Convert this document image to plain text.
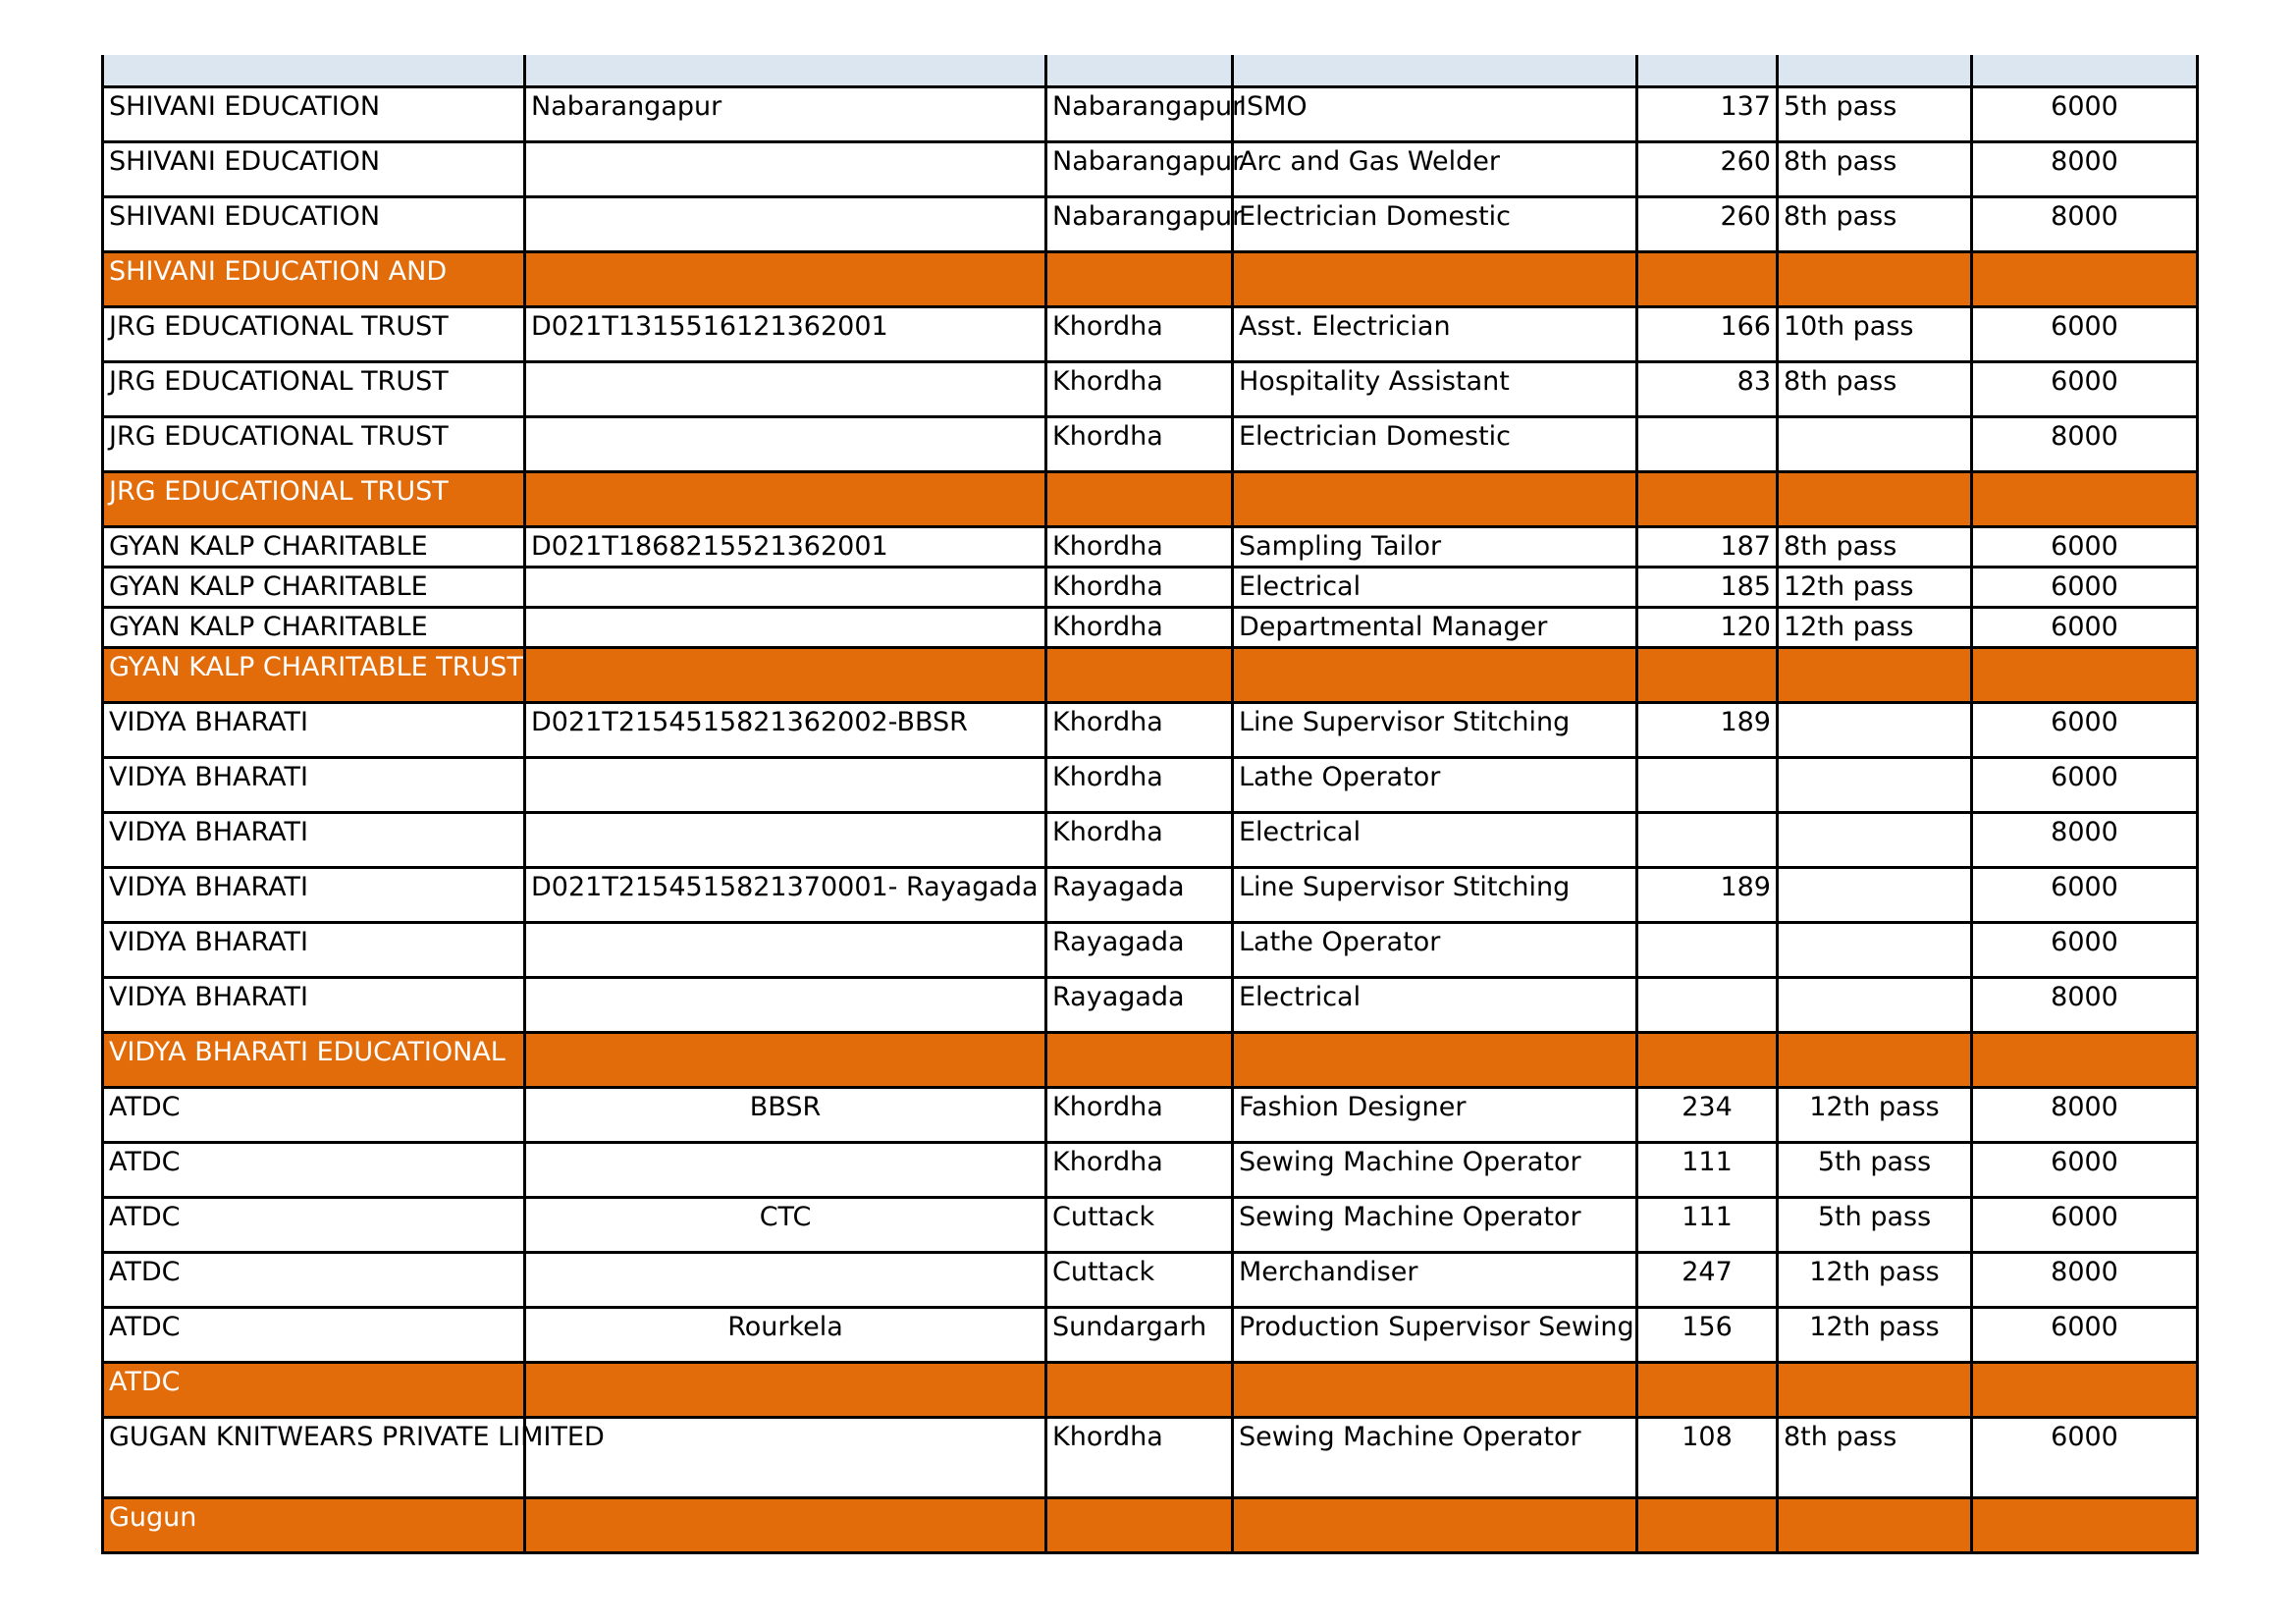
SHIVANI EDUCATION	Nabarangapur	Nabarangapur	ISMO	137	5th pass	6000
SHIVANI EDUCATION		Nabarangapur	Arc and Gas Welder	260	8th pass	8000
SHIVANI EDUCATION		Nabarangapur	Electrician Domestic	260	8th pass	8000
SHIVANI EDUCATION AND						
JRG EDUCATIONAL TRUST	D021T1315516121362001	Khordha	Asst. Electrician	166	10th pass	6000
JRG EDUCATIONAL TRUST		Khordha	Hospitality Assistant	83	8th pass	6000
JRG EDUCATIONAL TRUST		Khordha	Electrician Domestic			8000
JRG EDUCATIONAL TRUST						
GYAN KALP CHARITABLE	D021T1868215521362001	Khordha	Sampling Tailor	187	8th pass	6000
GYAN KALP CHARITABLE		Khordha	Electrical	185	12th pass	6000
GYAN KALP CHARITABLE		Khordha	Departmental Manager	120	12th pass	6000
GYAN KALP CHARITABLE TRUST						
VIDYA BHARATI	D021T2154515821362002-BBSR	Khordha	Line Supervisor Stitching	189		6000
VIDYA BHARATI		Khordha	Lathe Operator			6000
VIDYA BHARATI		Khordha	Electrical			8000
VIDYA BHARATI	D021T2154515821370001- Rayagada	Rayagada	Line Supervisor Stitching	189		6000
VIDYA BHARATI		Rayagada	Lathe Operator			6000
VIDYA BHARATI		Rayagada	Electrical			8000
VIDYA BHARATI EDUCATIONAL						
ATDC	BBSR	Khordha	Fashion Designer	234	12th pass	8000
ATDC		Khordha	Sewing Machine Operator	111	5th pass	6000
ATDC	CTC	Cuttack	Sewing Machine Operator	111	5th pass	6000
ATDC		Cuttack	Merchandiser	247	12th pass	8000
ATDC	Rourkela	Sundargarh	Production Supervisor Sewing	156	12th pass	6000
ATDC						
GUGAN KNITWEARS PRIVATE LIMITED		Khordha	Sewing Machine Operator	108	8th pass	6000
Gugun						
